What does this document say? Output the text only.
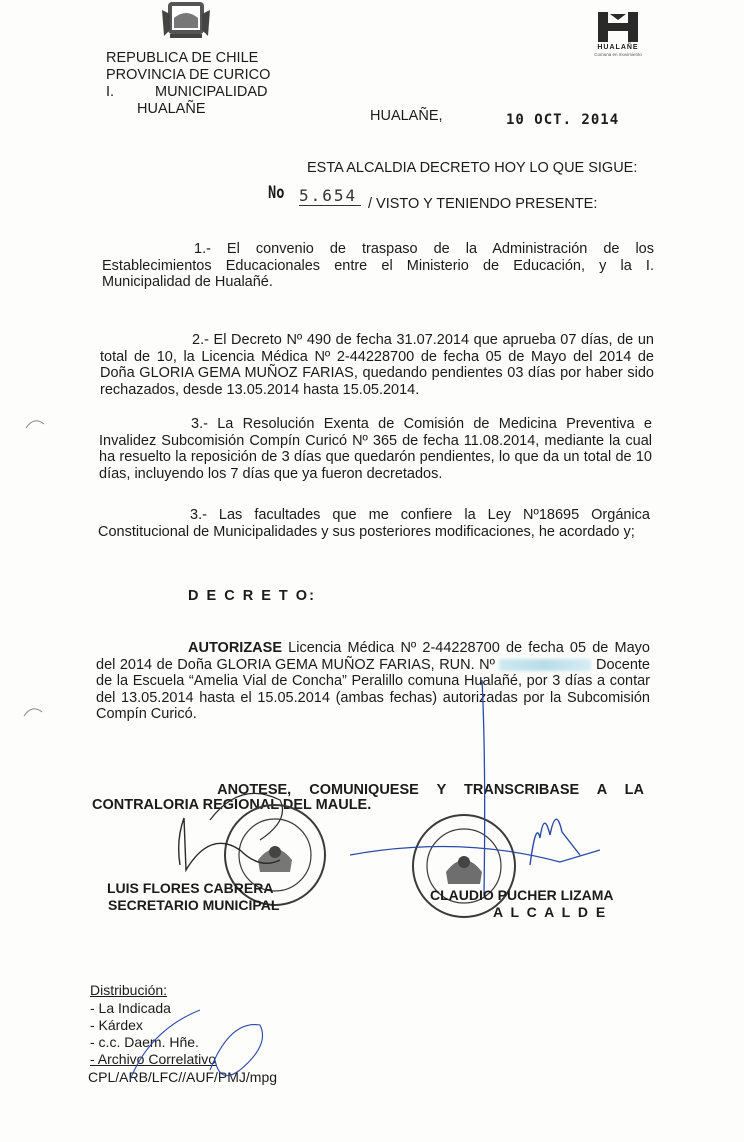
REPUBLICA DE CHILE
PROVINCIA DE CURICO
I.	MUNICIPALIDAD
HUALAÑE
HUALAÑE
Comuna en movimiento
HUALAÑE,	10 OCT. 2014
ESTA ALCALDIA DECRETO HOY LO QUE SIGUE:
No 5.654 / VISTO Y TENIENDO PRESENTE:
1.- El convenio de traspaso de la Administración de los Establecimientos Educacionales entre el Ministerio de Educación, y la I. Municipalidad de Hualañé.
2.- El Decreto Nº 490 de fecha 31.07.2014 que aprueba 07 días, de un total de 10, la Licencia Médica Nº 2-44228700 de fecha 05 de Mayo del 2014 de Doña GLORIA GEMA MUÑOZ FARIAS, quedando pendientes 03 días por haber sido rechazados, desde 13.05.2014 hasta 15.05.2014.
3.- La Resolución Exenta de Comisión de Medicina Preventiva e Invalidez Subcomisión Compín Curicó Nº 365 de fecha 11.08.2014, mediante la cual ha resuelto la reposición de 3 días que quedarón pendientes, lo que da un total de 10 días, incluyendo los 7 días que ya fueron decretados.
3.- Las facultades que me confiere la Ley Nº18695 Orgánica Constitucional de Municipalidades y sus posteriores modificaciones, he acordado y;
D E C R E T O:
AUTORIZASE Licencia Médica Nº 2-44228700 de fecha 05 de Mayo del 2014 de Doña GLORIA GEMA MUÑOZ FARIAS, RUN. Nº	Docente de la Escuela “Amelia Vial de Concha” Peralillo comuna Hualañé, por 3 días a contar del 13.05.2014 hasta el 15.05.2014 (ambas fechas) autorizadas por la Subcomisión Compín Curicó.
ANOTESE, COMUNIQUESE Y TRANSCRIBASE A LA
CONTRALORIA REGIONAL DEL MAULE.
LUIS FLORES CABRERA
SECRETARIO MUNICIPAL
CLAUDIO PUCHER LIZAMA
A L C A L D E
Distribución:
- La Indicada
- Kárdex
- c.c. Daem. Hñe.
- Archivo Correlativo
CPL/ARB/LFC//AUF/PMJ/mpg
